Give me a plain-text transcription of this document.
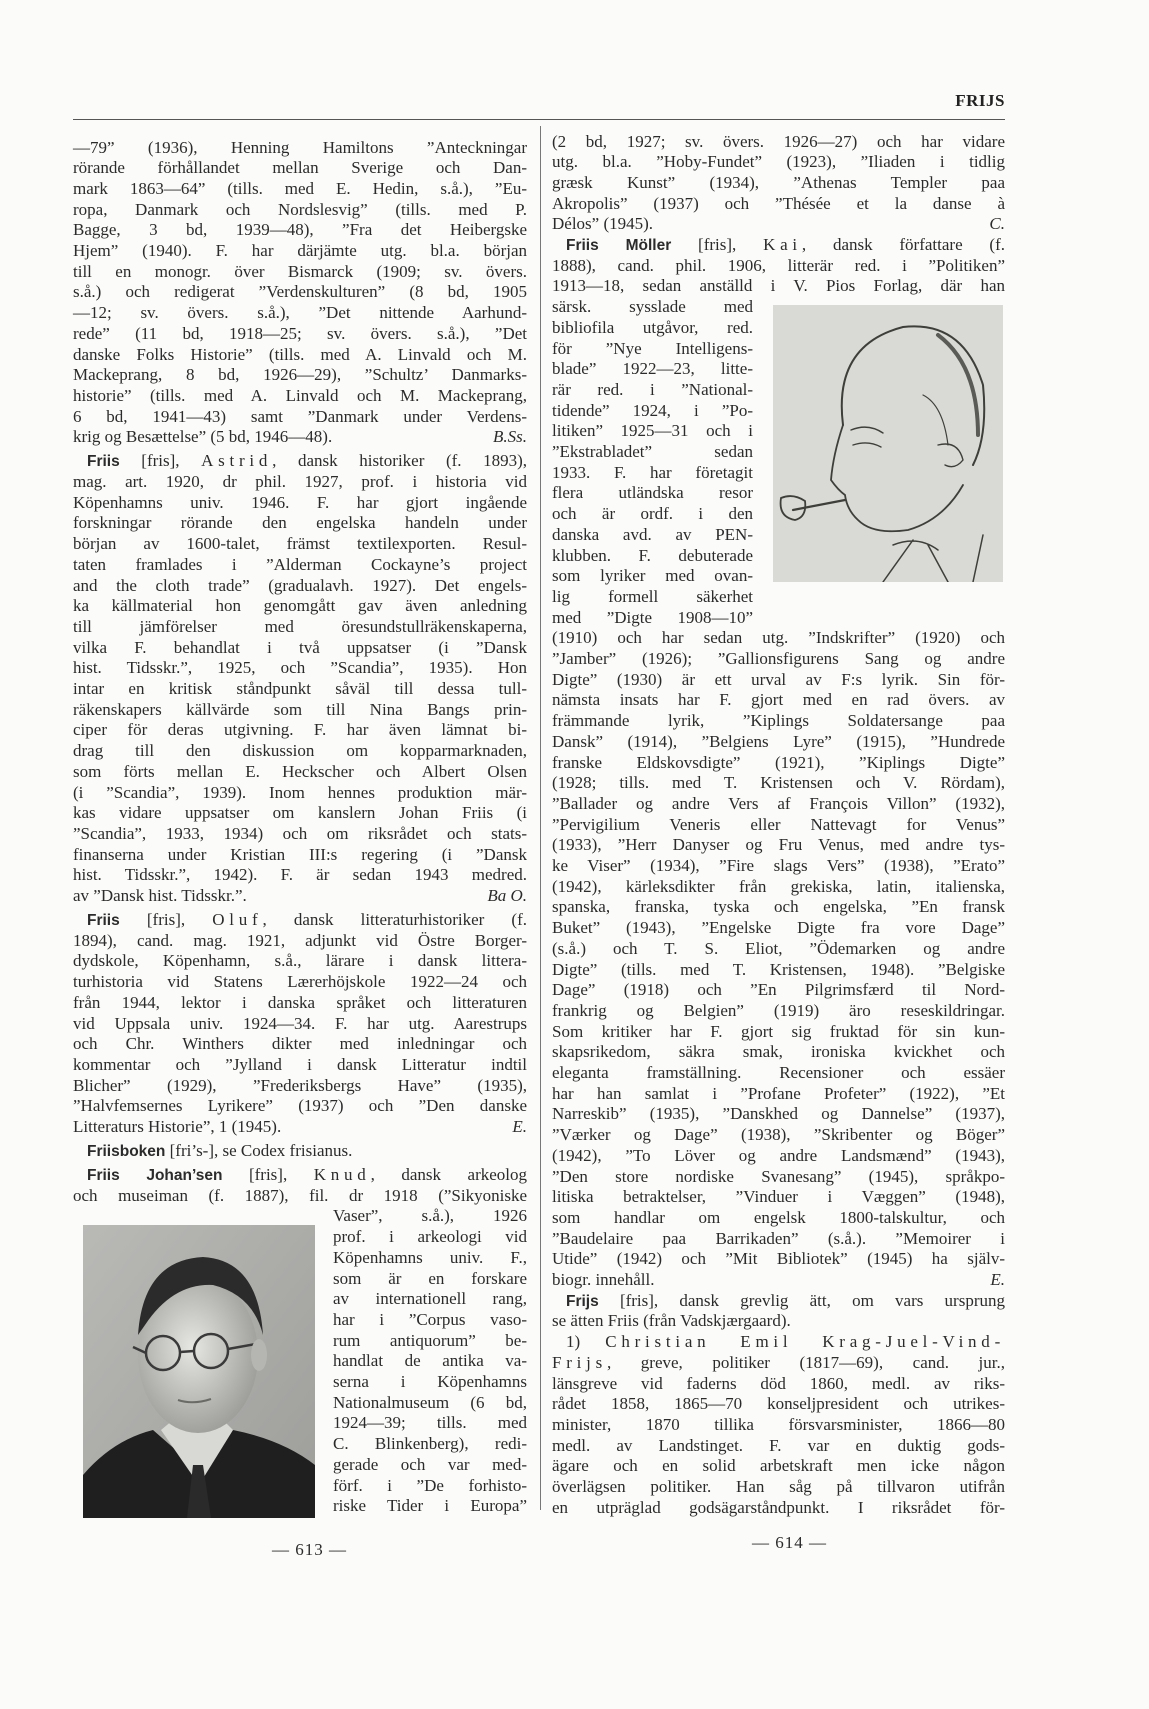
FRIJS
—79” (1936), Henning Hamiltons ”Anteckningar
rörande förhållandet mellan Sverige och Dan-
mark 1863—64” (tills. med E. Hedin, s.å.), ”Eu-
ropa, Danmark och Nordslesvig” (tills. med P.
Bagge, 3 bd, 1939—48), ”Fra det Heibergske
Hjem” (1940). F. har därjämte utg. bl.a. början
till en monogr. över Bismarck (1909; sv. övers.
s.å.) och redigerat ”Verdenskulturen” (8 bd, 1905
—12; sv. övers. s.å.), ”Det nittende Aarhund-
rede” (11 bd, 1918—25; sv. övers. s.å.), ”Det
danske Folks Historie” (tills. med A. Linvald och M.
Mackeprang, 8 bd, 1926—29), ”Schultz’ Danmarks-
historie” (tills. med A. Linvald och M. Mackeprang,
6 bd, 1941—43) samt ”Danmark under Verdens-
krig og Besættelse” (5 bd, 1946—48).	B.Ss.
Friis [fris], Astrid, dansk historiker (f. 1893),
mag. art. 1920, dr phil. 1927, prof. i historia vid
Köpenhamns univ. 1946. F. har gjort ingående
forskningar rörande den engelska handeln under
början av 1600-talet, främst textilexporten. Resul-
taten framlades i ”Alderman Cockayne’s project
and the cloth trade” (gradualavh. 1927). Det engels-
ka källmaterial hon genomgått gav även anledning
till jämförelser med öresundstullräkenskaperna,
vilka F. behandlat i två uppsatser (i ”Dansk
hist. Tidsskr.”, 1925, och ”Scandia”, 1935). Hon
intar en kritisk ståndpunkt såväl till dessa tull-
räkenskapers källvärde som till Nina Bangs prin-
ciper för deras utgivning. F. har även lämnat bi-
drag till den diskussion om kopparmarknaden,
som förts mellan E. Heckscher och Albert Olsen
(i ”Scandia”, 1939). Inom hennes produktion mär-
kas vidare uppsatser om kanslern Johan Friis (i
”Scandia”, 1933, 1934) och om riksrådet och stats-
finanserna under Kristian III:s regering (i ”Dansk
hist. Tidsskr.”, 1942). F. är sedan 1943 medred.
av ”Dansk hist. Tidsskr.”.	Ba O.
Friis [fris], Oluf, dansk litteraturhistoriker (f.
1894), cand. mag. 1921, adjunkt vid Östre Borger-
dydskole, Köpenhamn, s.å., lärare i dansk littera-
turhistoria vid Statens Lærerhöjskole 1922—24 och
från 1944, lektor i danska språket och litteraturen
vid Uppsala univ. 1924—34. F. har utg. Aarestrups
och Chr. Winthers dikter med inledningar och
kommentar och ”Jylland i dansk Litteratur indtil
Blicher” (1929), ”Frederiksbergs Have” (1935),
”Halvfemsernes Lyrikere” (1937) och ”Den danske
Litteraturs Historie”, 1 (1945).	E.
Friisboken [fri’s-], se Codex frisianus.
Friis Johan’sen [fris], Knud, dansk arkeolog
och museiman (f. 1887), fil. dr 1918 (”Sikyoniske
Vaser”, s.å.), 1926
prof. i arkeologi vid
Köpenhamns univ. F.,
som är en forskare
av internationell rang,
har i ”Corpus vaso-
rum antiquorum” be-
handlat de antika va-
serna i Köpenhamns
Nationalmuseum (6 bd,
1924—39; tills. med
C. Blinkenberg), redi-
gerade och var med-
förf. i ”De forhisto-
riske Tider i Europa”
(2 bd, 1927; sv. övers. 1926—27) och har vidare
utg. bl.a. ”Hoby-Fundet” (1923), ”Iliaden i tidlig
græsk Kunst” (1934), ”Athenas Templer paa
Akropolis” (1937) och ”Thésée et la danse à
Délos” (1945).	C.
Friis Möller [fris], Kai, dansk författare (f.
1888), cand. phil. 1906, litterär red. i ”Politiken”
1913—18, sedan anställd i V. Pios Forlag, där han
särsk. sysslade med
bibliofila utgåvor, red.
för ”Nye Intelligens-
blade” 1922—23, litte-
rär red. i ”National-
tidende” 1924, i ”Po-
litiken” 1925—31 och i
”Ekstrabladet” sedan
1933. F. har företagit
flera utländska resor
och är ordf. i den
danska avd. av PEN-
klubben. F. debuterade
som lyriker med ovan-
lig formell säkerhet
med ”Digte 1908—10”
(1910) och har sedan utg. ”Indskrifter” (1920) och
”Jamber” (1926); ”Gallionsfigurens Sang og andre
Digte” (1930) är ett urval av F:s lyrik. Sin för-
nämsta insats har F. gjort med en rad övers. av
främmande lyrik, ”Kiplings Soldatersange paa
Dansk” (1914), ”Belgiens Lyre” (1915), ”Hundrede
franske Eldskovsdigte” (1921), ”Kiplings Digte”
(1928; tills. med T. Kristensen och V. Rördam),
”Ballader og andre Vers af François Villon” (1932),
”Pervigilium Veneris eller Nattevagt for Venus”
(1933), ”Herr Danyser og Fru Venus, med andre tys-
ke Viser” (1934), ”Fire slags Vers” (1938), ”Erato”
(1942), kärleksdikter från grekiska, latin, italienska,
spanska, franska, tyska och engelska, ”En fransk
Buket” (1943), ”Engelske Digte fra vore Dage”
(s.å.) och T. S. Eliot, ”Ödemarken og andre
Digte” (tills. med T. Kristensen, 1948). ”Belgiske
Dage” (1918) och ”En Pilgrimsfærd til Nord-
frankrig og Belgien” (1919) äro reseskildringar.
Som kritiker har F. gjort sig fruktad för sin kun-
skapsrikedom, säkra smak, ironiska kvickhet och
eleganta framställning. Recensioner och essäer
har han samlat i ”Profane Profeter” (1922), ”Et
Narreskib” (1935), ”Danskhed og Dannelse” (1937),
”Værker og Dage” (1938), ”Skribenter og Böger”
(1942), ”To Löver og andre Landsmænd” (1943),
”Den store nordiske Svanesang” (1945), språkpo-
litiska betraktelser, ”Vinduer i Væggen” (1948),
som handlar om engelsk 1800-talskultur, och
”Baudelaire paa Barrikaden” (s.å.). ”Memoirer i
Utide” (1942) och ”Mit Bibliotek” (1945) ha själv-
biogr. innehåll.	E.
Frijs [fris], dansk grevlig ätt, om vars ursprung
se ätten Friis (från Vadskjærgaard).
1) Christian Emil Krag-Juel-Vind-
Frijs, greve, politiker (1817—69), cand. jur.,
länsgreve vid faderns död 1860, medl. av riks-
rådet 1858, 1865—70 konseljpresident och utrikes-
minister, 1870 tillika försvarsminister, 1866—80
medl. av Landstinget. F. var en duktig gods-
ägare och en solid arbetskraft men icke någon
överlägsen politiker. Han såg på tillvaron utifrån
en utpräglad godsägarståndpunkt. I riksrådet för-
— 613 —	— 614 —
